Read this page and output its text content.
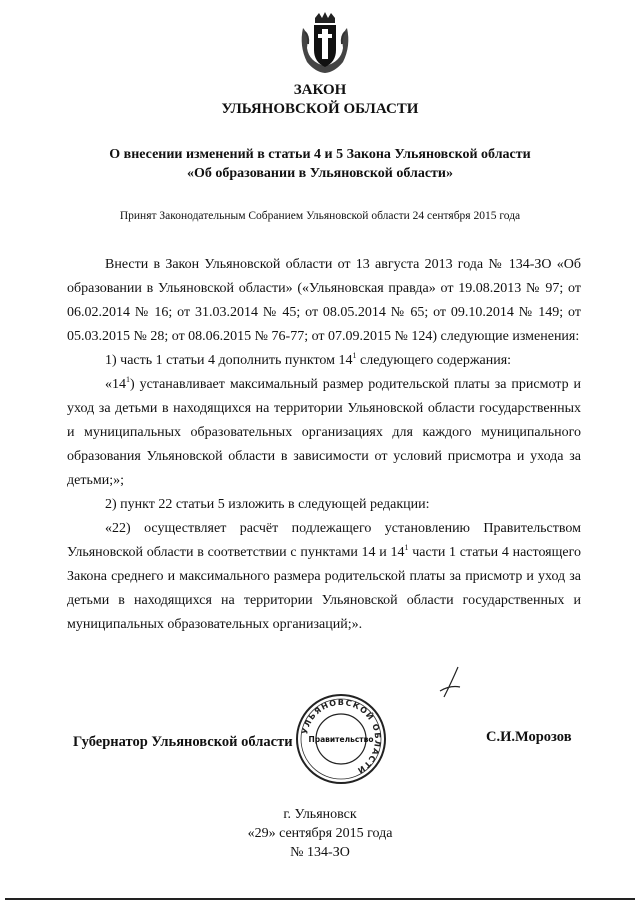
ЗАКОН
УЛЬЯНОВСКОЙ ОБЛАСТИ
О внесении изменений в статьи 4 и 5 Закона Ульяновской области
«Об образовании в Ульяновской области»
Принят Законодательным Собранием Ульяновской области 24 сентября 2015 года

Внести в Закон Ульяновской области от 13 августа 2013 года № 134-ЗО «Об образовании в Ульяновской области» («Ульяновская правда» от 19.08.2013 № 97; от 06.02.2014 № 16; от 31.03.2014 № 45; от 08.05.2014 № 65; от 09.10.2014 № 149; от 05.03.2015 № 28; от 08.06.2015 № 76-77; от 07.09.2015 № 124) следующие изменения:

1) часть 1 статьи 4 дополнить пунктом $14^1$ следующего содержания:

«$14^1$) устанавливает максимальный размер родительской платы за присмотр и уход за детьми в находящихся на территории Ульяновской области государственных и муниципальных образовательных организациях для каждого муниципального образования Ульяновской области в зависимости от условий присмотра и ухода за детьми;»;

2) пункт 22 статьи 5 изложить в следующей редакции:

«22) осуществляет расчёт подлежащего установлению Правительством Ульяновской области в соответствии с пунктами 14 и $14^1$ части 1 статьи 4 настоящего Закона среднего и максимального размера родительской платы за присмотр и уход за детьми в находящихся на территории Ульяновской области государственных и муниципальных образовательных организаций;».

Губернатор Ульяновской области
УЛЬЯНОВСКОЙ ОБЛАСТИ
Правительство	С.И.Морозов
г. Ульяновск
«29» сентября 2015 года
№ 134-ЗО
